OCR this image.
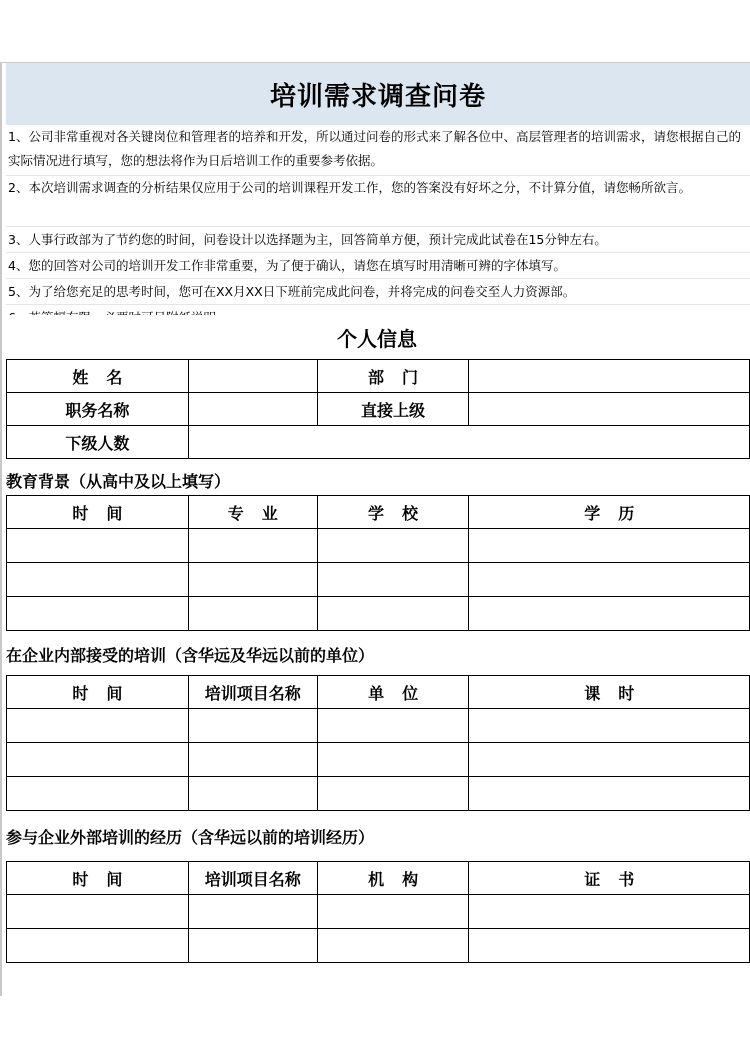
培训需求调查问卷
1、公司非常重视对各关键岗位和管理者的培养和开发，所以通过问卷的形式来了解各位中、高层管理者的培训需求，请您根据自己的实际情况进行填写，您的想法将作为日后培训工作的重要参考依据。
2、本次培训需求调查的分析结果仅应用于公司的培训课程开发工作，您的答案没有好坏之分，不计算分值，请您畅所欲言。
3、人事行政部为了节约您的时间，问卷设计以选择题为主，回答简单方便，预计完成此试卷在15分钟左右。
4、您的回答对公司的培训开发工作非常重要，为了便于确认，请您在填写时用清晰可辨的字体填写。
5、为了给您充足的思考时间，您可在XX月XX日下班前完成此问卷，并将完成的问卷交至人力资源部。
个人信息
姓名		部门	
职务名称		直接上级	
下级人数			
教育背景（从高中及以上填写）
时间	专业	学校	学历

在企业内部接受的培训（含华远及华远以前的单位）
时间	培训项目名称	单位	课时

参与企业外部培训的经历（含华远以前的培训经历）
时间	培训项目名称	机构	证书
